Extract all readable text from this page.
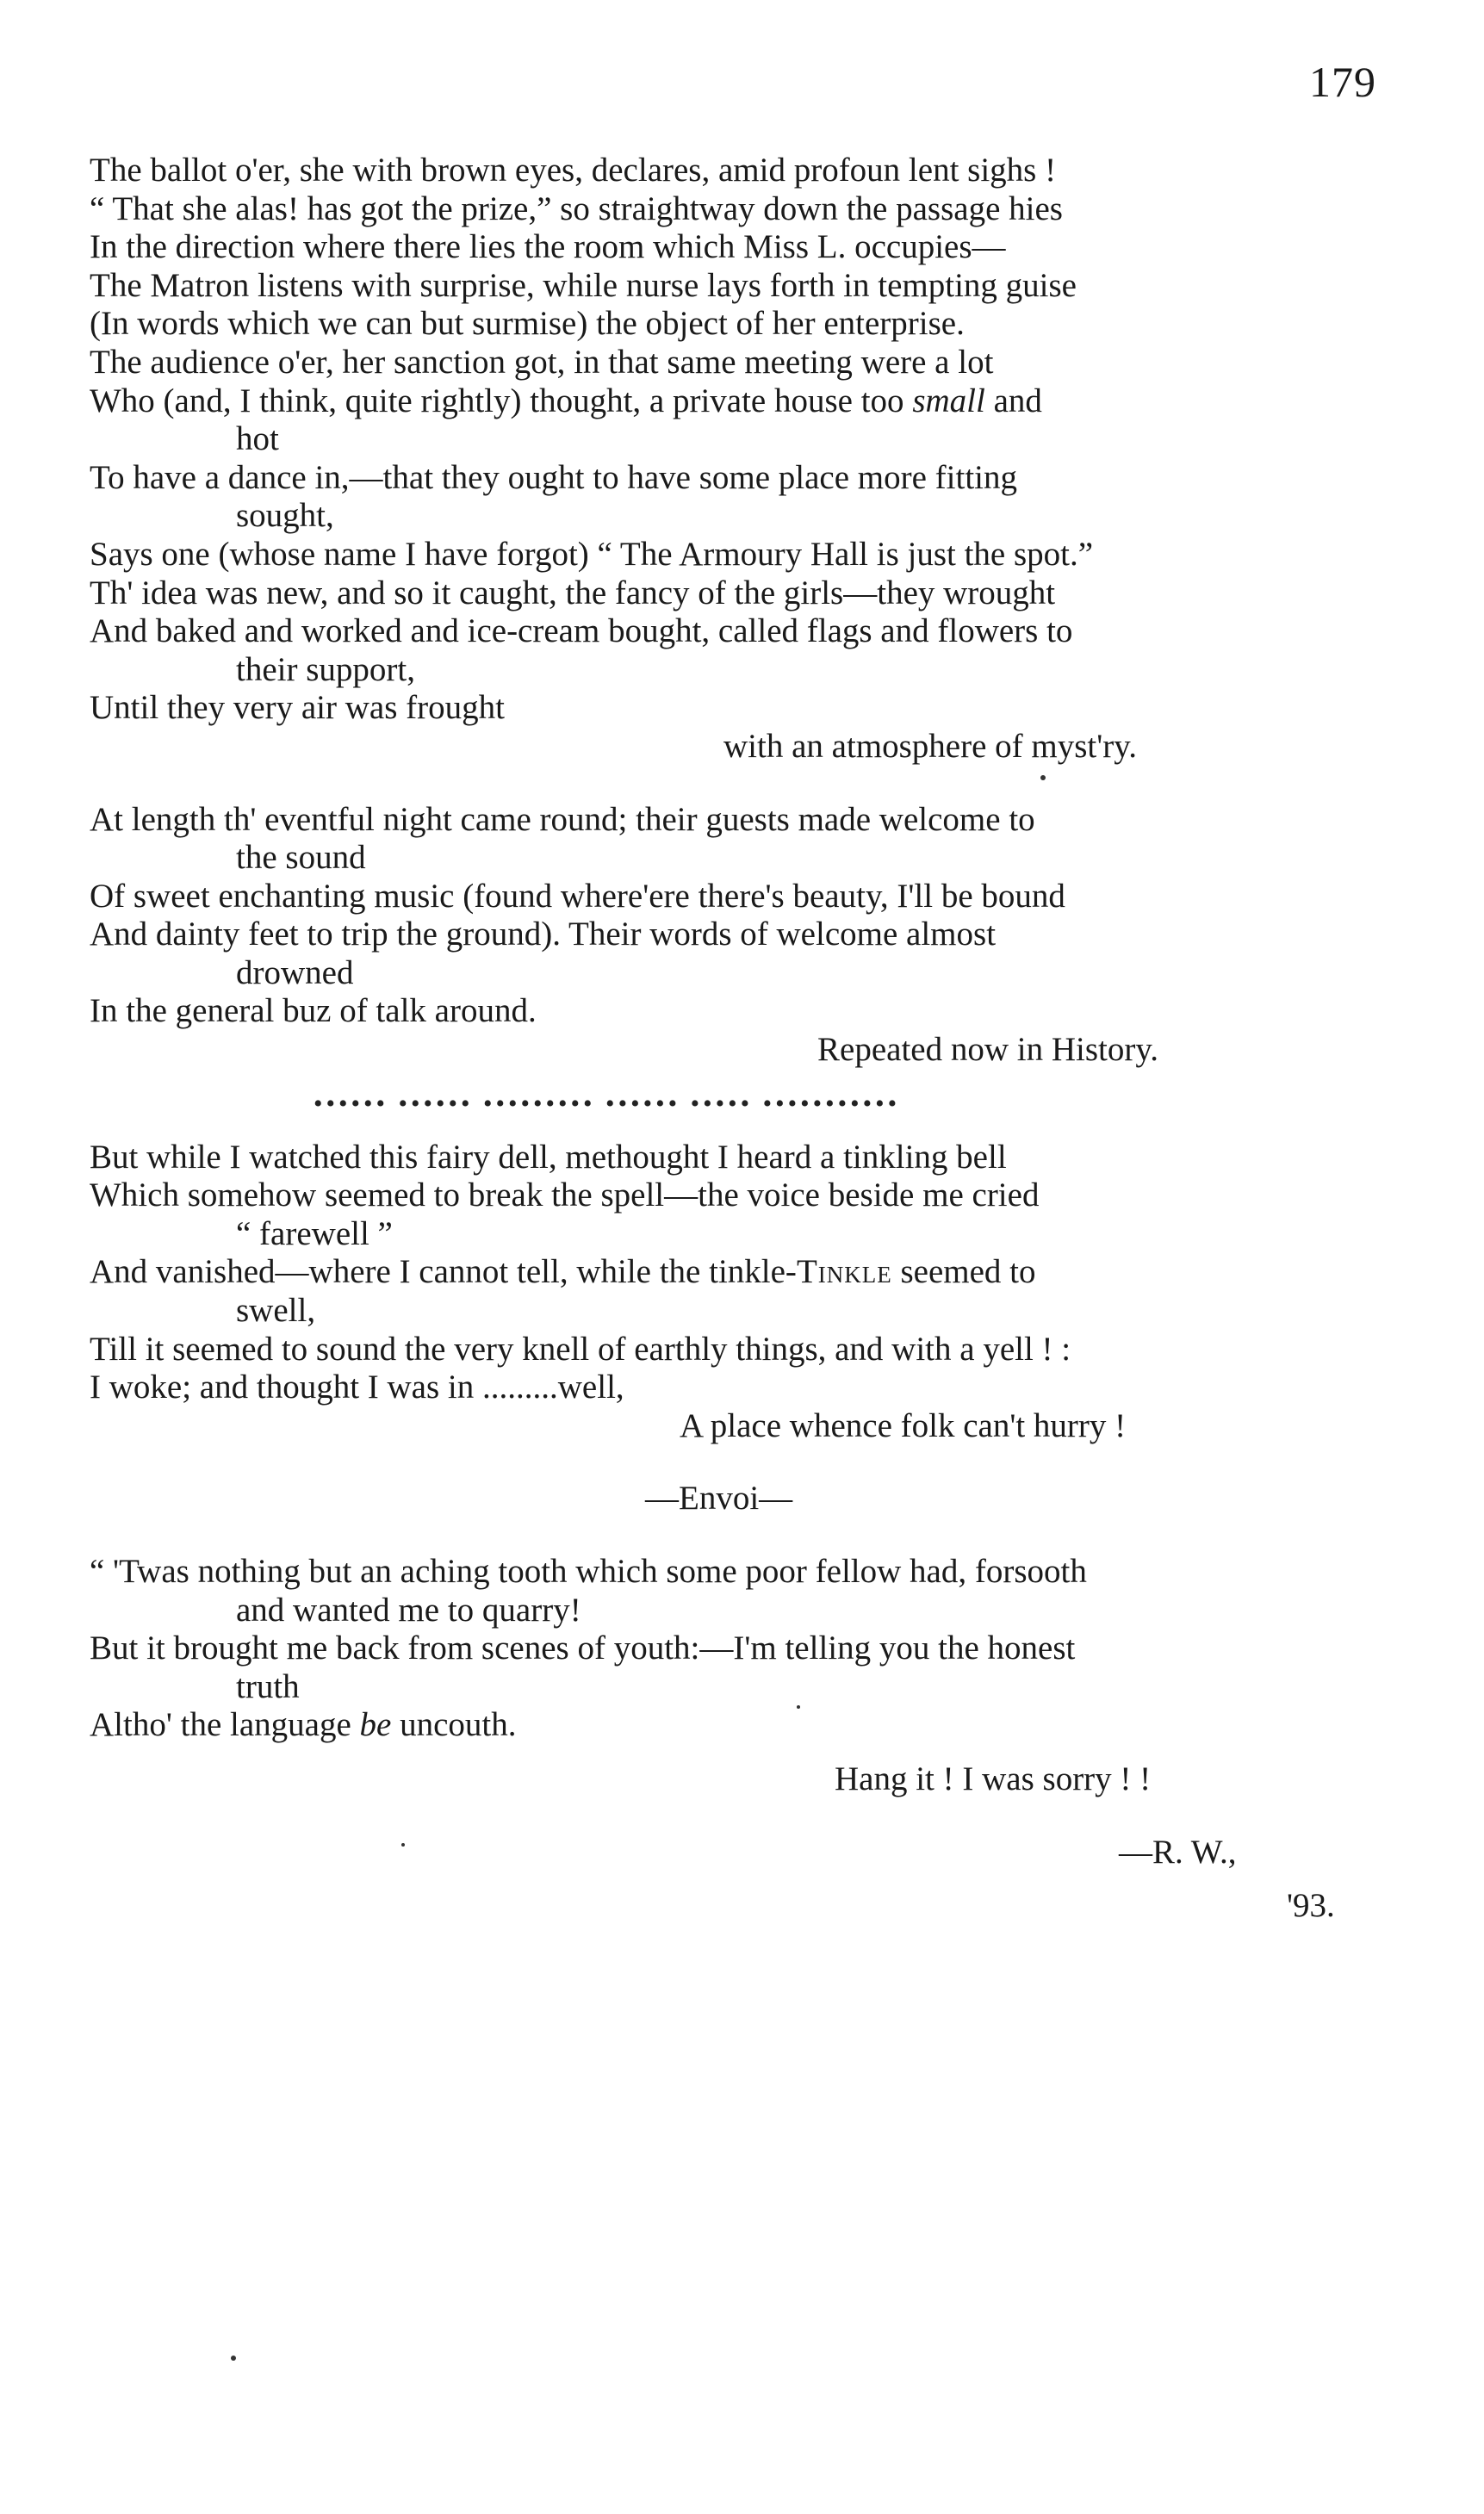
179
The ballot o'er, she with brown eyes, declares, amid profoun lent sighs !
“ That she alas! has got the prize,” so straightway down the passage hies
In the direction where there lies the room which Miss L. occupies—
The Matron listens with surprise, while nurse lays forth in tempting guise
(In words which we can but surmise) the object of her enterprise.
The audience o'er, her sanction got, in that same meeting were a lot
Who (and, I think, quite rightly) thought, a private house too small and
hot
To have a dance in,—that they ought to have some place more fitting
sought,
Says one (whose name I have forgot) “ The Armoury Hall is just the spot.”
Th' idea was new, and so it caught, the fancy of the girls—they wrought
And baked and worked and ice-cream bought, called flags and flowers to
their support,
Until they very air was frought
with an atmosphere of myst'ry.
At length th' eventful night came round; their guests made welcome to
the sound
Of sweet enchanting music (found where'ere there's beauty, I'll be bound
And dainty feet to trip the ground). Their words of welcome almost
drowned
In the general buz of talk around.
Repeated now in History.
•••••• •••••• ••••••••• •••••• ••••• •••••••••••
But while I watched this fairy dell, methought I heard a tinkling bell
Which somehow seemed to break the spell—the voice beside me cried
“ farewell ”
And vanished—where I cannot tell, while the tinkle-Tinkle seemed to
swell,
Till it seemed to sound the very knell of earthly things, and with a yell ! :
I woke; and thought I was in .........well,
A place whence folk can't hurry !
—Envoi—
“ 'Twas nothing but an aching tooth which some poor fellow had, forsooth
and wanted me to quarry!
But it brought me back from scenes of youth:—I'm telling you the honest
truth
Altho' the language be uncouth.
Hang it ! I was sorry ! !
—R. W.,
'93.
